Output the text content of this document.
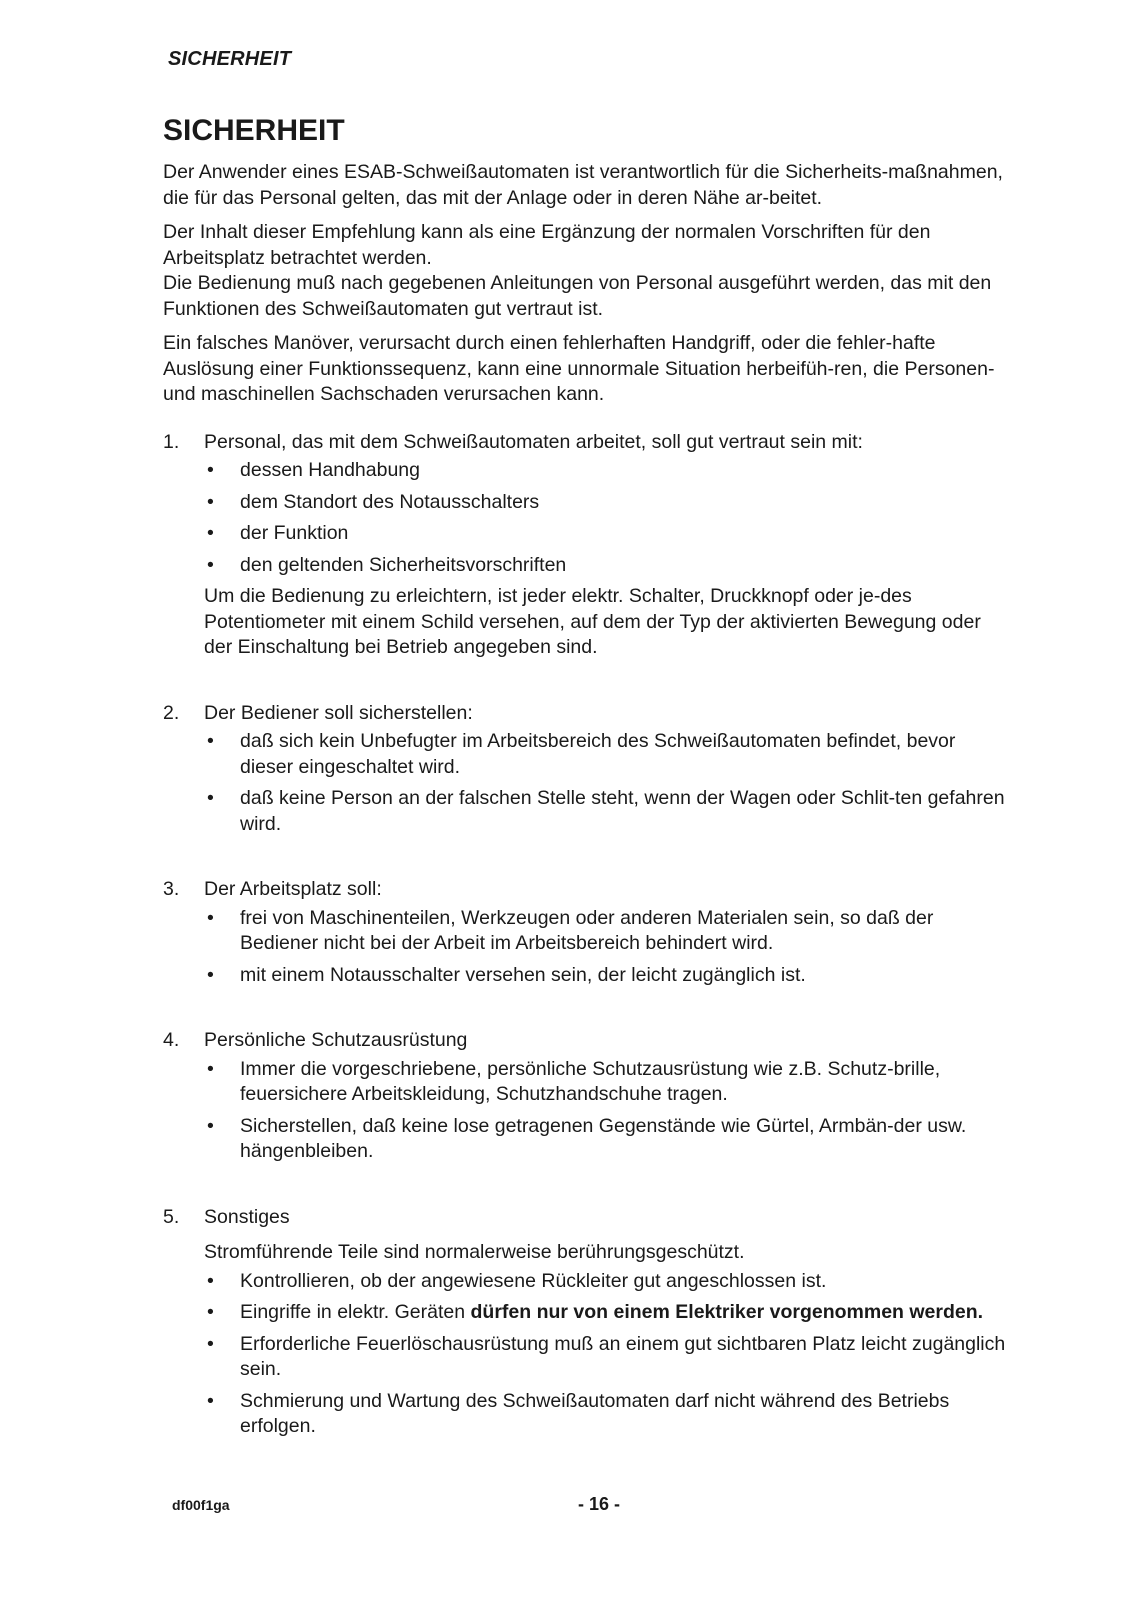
SICHERHEIT
SICHERHEIT

Der Anwender eines ESAB-Schweißautomaten ist verantwortlich für die Sicherheits-maßnahmen, die für das Personal gelten, das mit der Anlage oder in deren Nähe ar-beitet.

Der Inhalt dieser Empfehlung kann als eine Ergänzung der normalen Vorschriften für den Arbeitsplatz betrachtet werden.

Die Bedienung muß nach gegebenen Anleitungen von Personal ausgeführt werden, das mit den Funktionen des Schweißautomaten gut vertraut ist.

Ein falsches Manöver, verursacht durch einen fehlerhaften Handgriff, oder die fehler-hafte Auslösung einer Funktionssequenz, kann eine unnormale Situation herbeifüh-ren, die Personen- und maschinellen Sachschaden verursachen kann.

1. Personal, das mit dem Schweißautomaten arbeitet, soll gut vertraut sein mit:

• dessen Handhabung
• dem Standort des Notausschalters
• der Funktion
• den geltenden Sicherheitsvorschriften

Um die Bedienung zu erleichtern, ist jeder elektr. Schalter, Druckknopf oder je-des Potentiometer mit einem Schild versehen, auf dem der Typ der aktivierten Bewegung oder der Einschaltung bei Betrieb angegeben sind.

2. Der Bediener soll sicherstellen:

• daß sich kein Unbefugter im Arbeitsbereich des Schweißautomaten befindet, bevor dieser eingeschaltet wird.
• daß keine Person an der falschen Stelle steht, wenn der Wagen oder Schlit-ten gefahren wird.
3. Der Arbeitsplatz soll:

• frei von Maschinenteilen, Werkzeugen oder anderen Materialen sein, so daß der Bediener nicht bei der Arbeit im Arbeitsbereich behindert wird.
• mit einem Notausschalter versehen sein, der leicht zugänglich ist.
4. Persönliche Schutzausrüstung

• Immer die vorgeschriebene, persönliche Schutzausrüstung wie z.B. Schutz-brille, feuersichere Arbeitskleidung, Schutzhandschuhe tragen.
• Sicherstellen, daß keine lose getragenen Gegenstände wie Gürtel, Armbän-der usw. hängenbleiben.
5. Sonstiges

Stromführende Teile sind normalerweise berührungsgeschützt.

• Kontrollieren, ob der angewiesene Rückleiter gut angeschlossen ist.
• Eingriffe in elektr. Geräten dürfen nur von einem Elektriker vorgenommen werden.
• Erforderliche Feuerlöschausrüstung muß an einem gut sichtbaren Platz leicht zugänglich sein.
• Schmierung und Wartung des Schweißautomaten darf nicht während des Betriebs erfolgen.
df00f1ga	- 16 -
